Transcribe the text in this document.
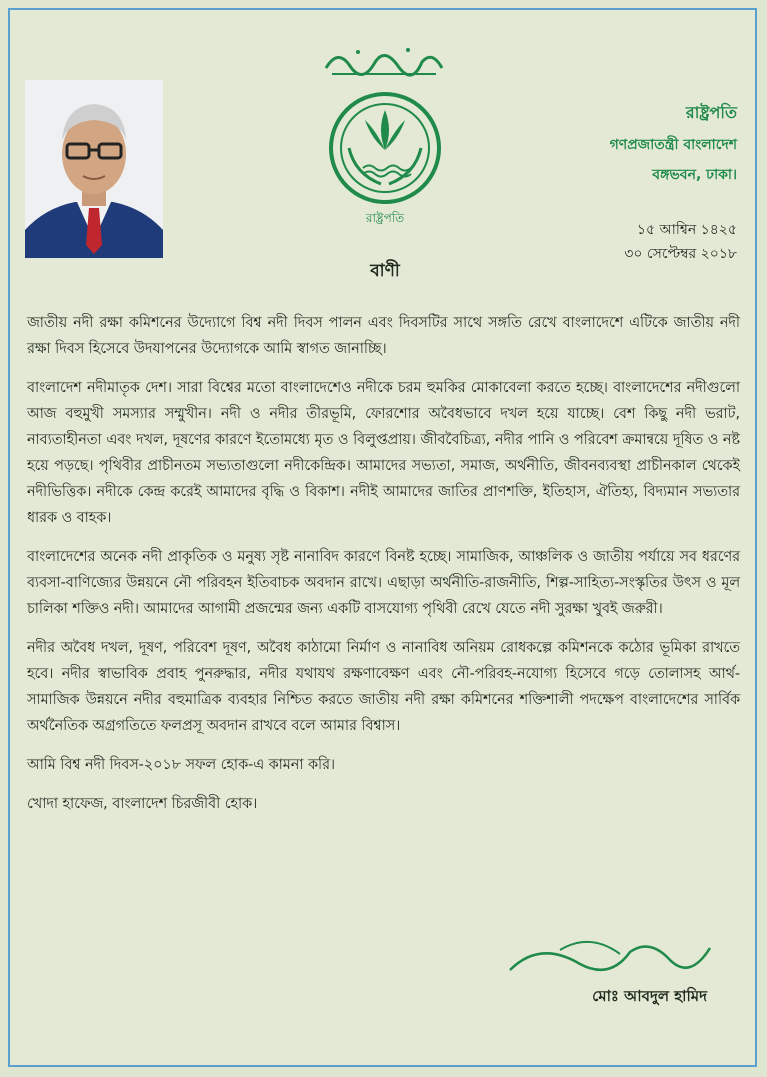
রাষ্ট্রপতি
রাষ্ট্রপতি
গণপ্রজাতন্ত্রী বাংলাদেশ
বঙ্গভবন, ঢাকা।
১৫ আশ্বিন ১৪২৫
৩০ সেপ্টেম্বর ২০১৮
বাণী

জাতীয় নদী রক্ষা কমিশনের উদ্যোগে বিশ্ব নদী দিবস পালন এবং দিবসটির সাথে সঙ্গতি রেখে বাংলাদেশে এটিকে জাতীয় নদী রক্ষা দিবস হিসেবে উদযাপনের উদ্যোগকে আমি স্বাগত জানাচ্ছি।

বাংলাদেশ নদীমাতৃক দেশ। সারা বিশ্বের মতো বাংলাদেশেও নদীকে চরম হুমকির মোকাবেলা করতে হচ্ছে। বাংলাদেশের নদীগুলো আজ বহুমুখী সমস্যার সম্মুখীন। নদী ও নদীর তীরভূমি, ফোরশোর অবৈধভাবে দখল হয়ে যাচ্ছে। বেশ কিছু নদী ভরাট, নাব্যতাহীনতা এবং দখল, দূষণের কারণে ইতোমধ্যে মৃত ও বিলুপ্তপ্রায়। জীববৈচিত্র্য, নদীর পানি ও পরিবেশ ক্রমান্বয়ে দূষিত ও নষ্ট হয়ে পড়ছে। পৃথিবীর প্রাচীনতম সভ্যতাগুলো নদীকেন্দ্রিক। আমাদের সভ্যতা, সমাজ, অর্থনীতি, জীবনব্যবস্থা প্রাচীনকাল থেকেই নদীভিত্তিক। নদীকে কেন্দ্র করেই আমাদের বৃদ্ধি ও বিকাশ। নদীই আমাদের জাতির প্রাণশক্তি, ইতিহাস, ঐতিহ্য, বিদ্যমান সভ্যতার ধারক ও বাহক।

বাংলাদেশের অনেক নদী প্রাকৃতিক ও মনুষ্য সৃষ্ট নানাবিদ কারণে বিনষ্ট হচ্ছে। সামাজিক, আঞ্চলিক ও জাতীয় পর্যায়ে সব ধরণের ব্যবসা-বাণিজ্যের উন্নয়নে নৌ পরিবহন ইতিবাচক অবদান রাখে। এছাড়া অর্থনীতি-রাজনীতি, শিল্প-সাহিত্য-সংস্কৃতির উৎস ও মূল চালিকা শক্তিও নদী। আমাদের আগামী প্রজন্মের জন্য একটি বাসযোগ্য পৃথিবী রেখে যেতে নদী সুরক্ষা খুবই জরুরী।

নদীর অবৈধ দখল, দূষণ, পরিবেশ দূষণ, অবৈধ কাঠামো নির্মাণ ও নানাবিধ অনিয়ম রোধকল্পে কমিশনকে কঠোর ভূমিকা রাখতে হবে। নদীর স্বাভাবিক প্রবাহ পুনরুদ্ধার, নদীর যথাযথ রক্ষণাবেক্ষণ এবং নৌ-পরিবহ-নযোগ্য হিসেবে গড়ে তোলাসহ আর্থ-সামাজিক উন্নয়নে নদীর বহুমাত্রিক ব্যবহার নিশ্চিত করতে জাতীয় নদী রক্ষা কমিশনের শক্তিশালী পদক্ষেপ বাংলাদেশের সার্বিক অর্থনৈতিক অগ্রগতিতে ফলপ্রসূ অবদান রাখবে বলে আমার বিশ্বাস।

আমি বিশ্ব নদী দিবস-২০১৮ সফল হোক-এ কামনা করি।

খোদা হাফেজ, বাংলাদেশ চিরজীবী হোক।

মোঃ আবদুল হামিদ
